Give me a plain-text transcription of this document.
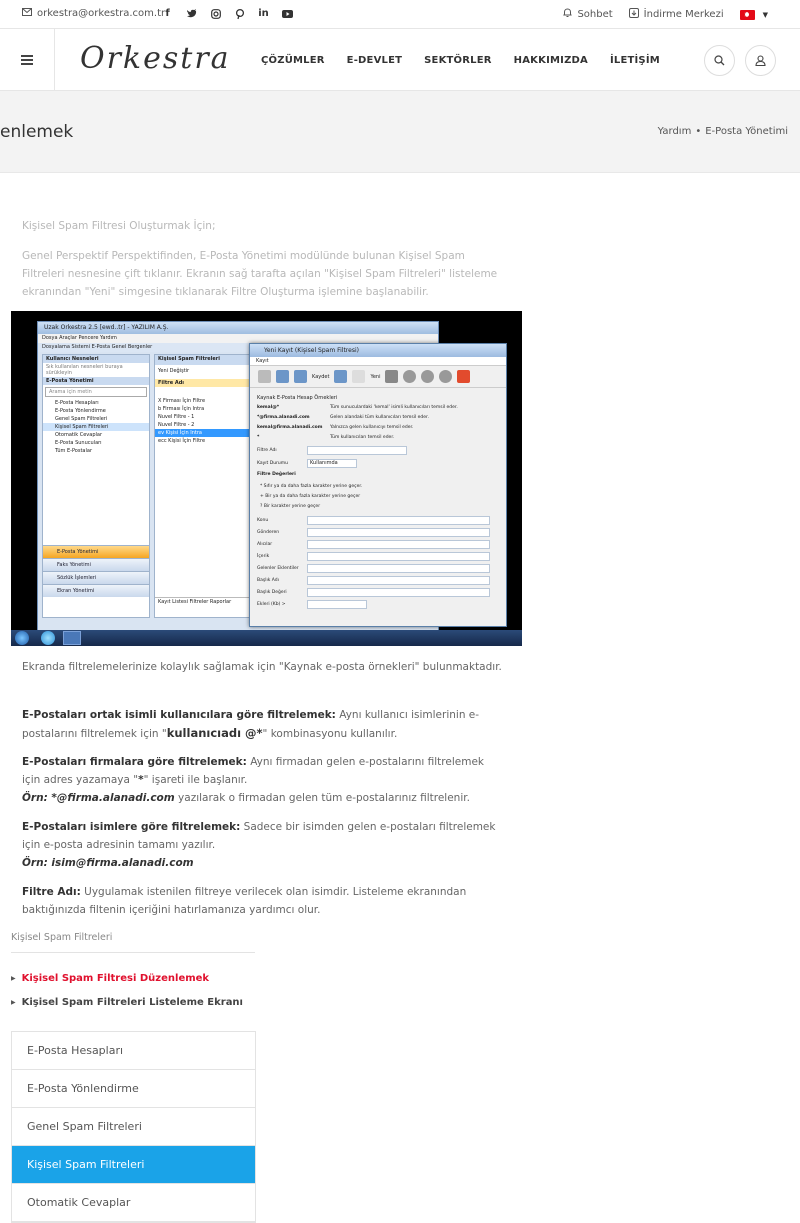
orkestra@orkestra.com.tr f	in	Sohbet	İndirme Merkezi	▼
Orkestra	ÇÖZÜMLER E-DEVLET SEKTÖRLER HAKKIMIZDA İLETİŞİM
enlemek	Yardım • E-Posta Yönetimi

Kişisel Spam Filtresi Oluşturmak İçin;

Genel Perspektif Perspektifinden, E-Posta Yönetimi modülünde bulunan Kişisel Spam Filtreleri nesnesine çift tıklanır. Ekranın sağ tarafta açılan "Kişisel Spam Filtreleri" listeleme ekranından "Yeni" simgesine tıklanarak Filtre Oluşturma işlemine başlanabilir.

Uzak Orkestra 2.5 [ewd..tr] - YAZILIM A.Ş.
Dosya Araçlar Pencere Yardım
Dosyalama Sistemi E-Posta Genel Bergenler
Kullanıcı Nesneleri
Sık kullanılan nesneleri buraya sürükleyin
E-Posta Yönetimi
Arama için metin
E-Posta Hesapları
E-Posta Yönlendirme
Genel Spam Filtreleri
Kişisel Spam Filtreleri
Otomatik Cevaplar
E-Posta Sunucuları
Tüm E-Postalar
E-Posta Yönetimi
Faks Yönetimi
Sözlük İşlemleri
Ekran Yönetimi
Kişisel Spam Filtreleri
Yeni Değiştir
Filtre Adı
X Firması İçin Filtre
b Firması İçin Intra
Nuvel Filtre - 1
Nuvel Filtre - 2
ev Kişisi İçin Intra
ecc Kişisi İçin Filtre
Kayıt Listesi Filtreler Raporlar
Yeni Kayıt (Kişisel Spam Filtresi)
Kayıt
Kaydet	Yeni
Kaynak E-Posta Hesap Örnekleri
kemal@*	Tüm sunuculardaki 'kemal' isimli kullanıcıları temsil eder.
*@firma.alanadi.com	Gelen alandaki tüm kullanıcıları temsil eder.
kemal@firma.alanadi.com Yalnızca gelen kullanıcıyı temsil eder.
*	Tüm kullanıcıları temsil eder.
Filtre Adı
Kayıt Durumu	Kullanımda
Filtre Değerleri
* Sıfır ya da daha fazla karakter yerine geçer.
+ Bir ya da daha fazla karakter yerine geçer
? Bir karakter yerine geçer
Konu
Gönderen
Alıcılar
İçerik
Gelenler Eklentiler
Başlık Adı
Başlık Değeri
Ekleri (Kb) >

Ekranda filtrelemelerinize kolaylık sağlamak için "Kaynak e-posta örnekleri" bulunmaktadır.

E-Postaları ortak isimli kullanıcılara göre filtrelemek: Aynı kullanıcı isimlerinin e-postalarını filtrelemek için "kullanıcıadı @*" kombinasyonu kullanılır.

E-Postaları firmalara göre filtrelemek: Aynı firmadan gelen e-postalarını filtrelemek için adres yazamaya "*" işareti ile başlanır.
Örn: *@firma.alanadi.com yazılarak o firmadan gelen tüm e-postalarınız filtrelenir.

E-Postaları isimlere göre filtrelemek: Sadece bir isimden gelen e-postaları filtrelemek için e-posta adresinin tamamı yazılır.
Örn: isim@firma.alanadi.com

Filtre Adı: Uygulamak istenilen filtreye verilecek olan isimdir. Listeleme ekranından baktığınızda filtenin içeriğini hatırlamanıza yardımcı olur.

Kişisel Spam Filtreleri
▶ Kişisel Spam Filtresi Düzenlemek
▶ Kişisel Spam Filtreleri Listeleme Ekranı
E-Posta Hesapları
E-Posta Yönlendirme
Genel Spam Filtreleri
Kişisel Spam Filtreleri
Otomatik Cevaplar
